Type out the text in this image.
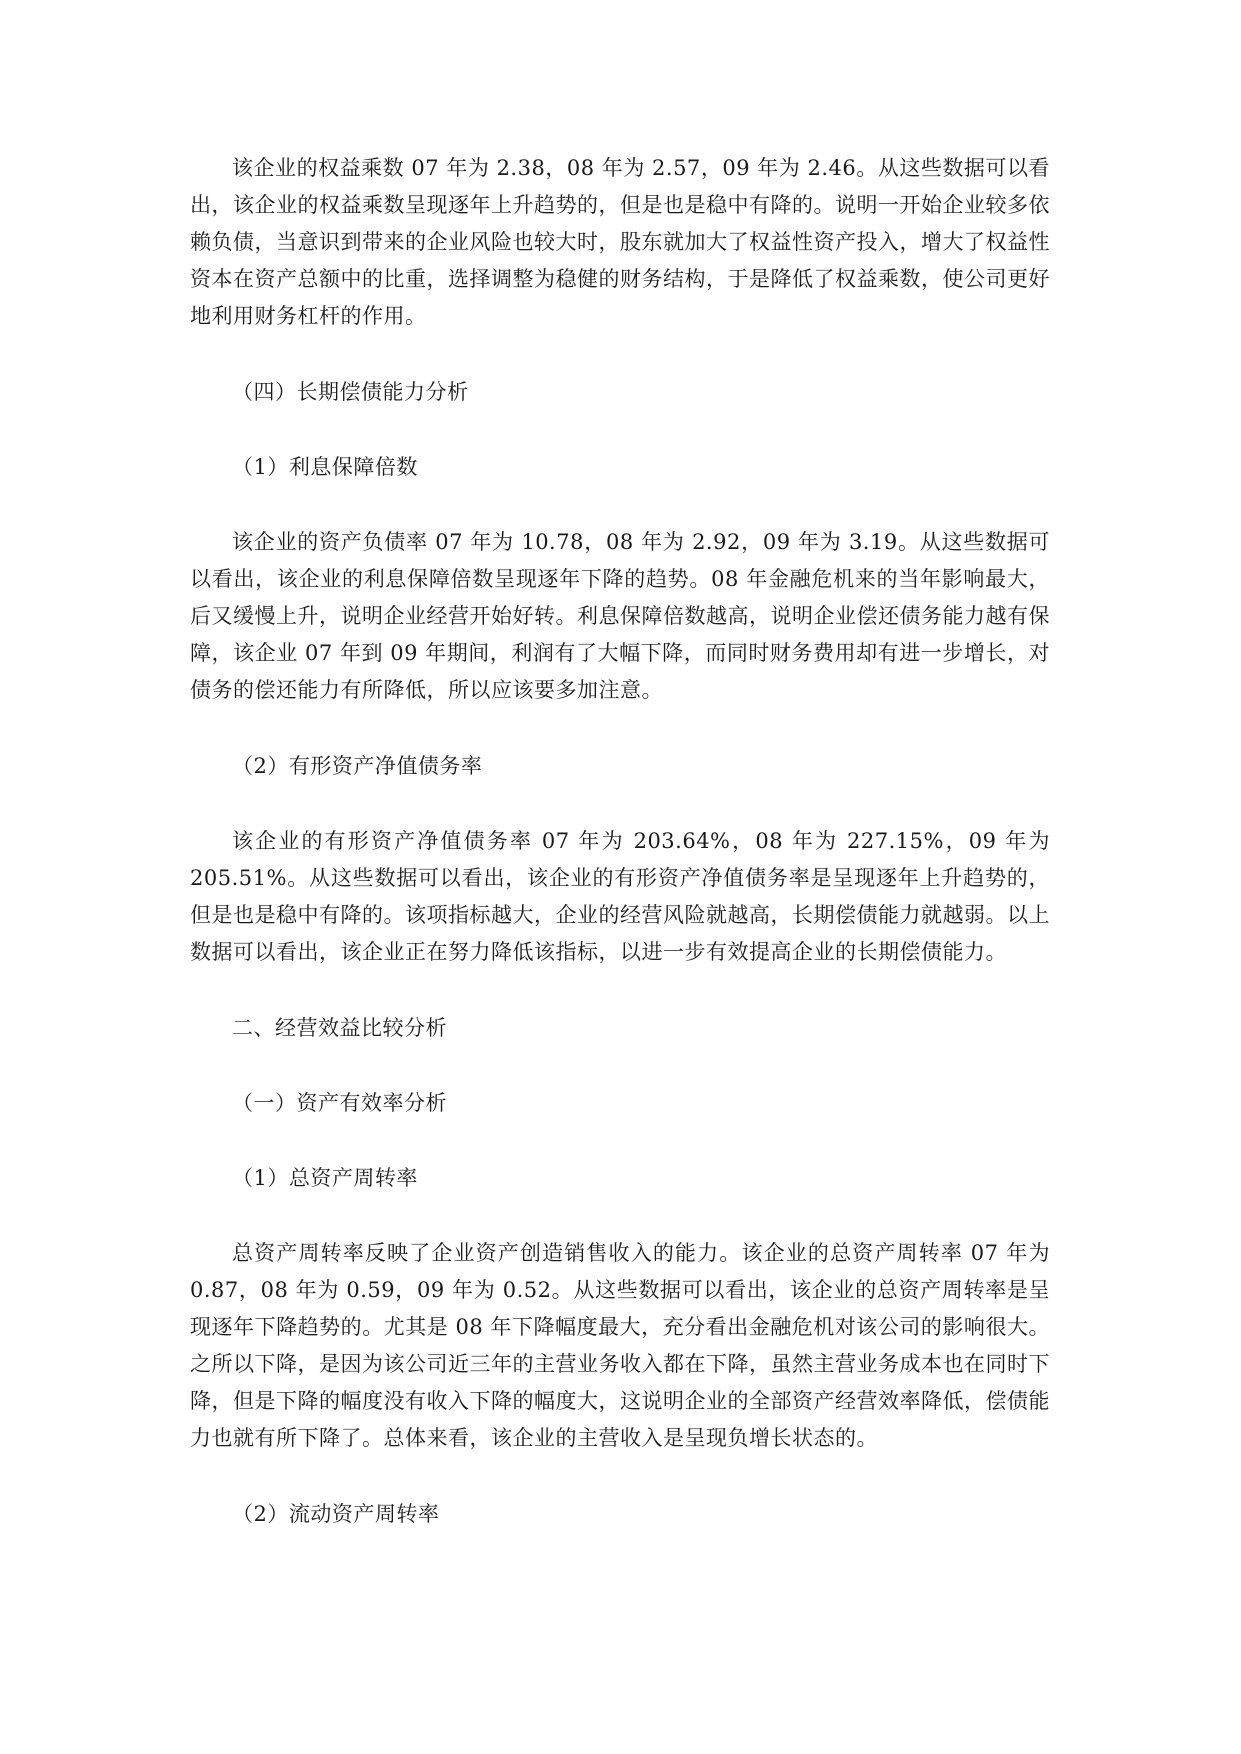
该企业的权益乘数 07 年为 2.38，08 年为 2.57，09 年为 2.46。从这些数据可以看出，该企业的权益乘数呈现逐年上升趋势的，但是也是稳中有降的。说明一开始企业较多依赖负债，当意识到带来的企业风险也较大时，股东就加大了权益性资产投入，增大了权益性资本在资产总额中的比重，选择调整为稳健的财务结构，于是降低了权益乘数，使公司更好地利用财务杠杆的作用。

（四）长期偿债能力分析

（1）利息保障倍数

该企业的资产负债率 07 年为 10.78，08 年为 2.92，09 年为 3.19。从这些数据可以看出，该企业的利息保障倍数呈现逐年下降的趋势。08 年金融危机来的当年影响最大，后又缓慢上升，说明企业经营开始好转。利息保障倍数越高，说明企业偿还债务能力越有保障，该企业 07 年到 09 年期间，利润有了大幅下降，而同时财务费用却有进一步增长，对债务的偿还能力有所降低，所以应该要多加注意。

（2）有形资产净值债务率

该企业的有形资产净值债务率 07 年为 203.64%，08 年为 227.15%，09 年为 205.51%。从这些数据可以看出，该企业的有形资产净值债务率是呈现逐年上升趋势的，但是也是稳中有降的。该项指标越大，企业的经营风险就越高，长期偿债能力就越弱。以上数据可以看出，该企业正在努力降低该指标，以进一步有效提高企业的长期偿债能力。

二、经营效益比较分析

（一）资产有效率分析

（1）总资产周转率

总资产周转率反映了企业资产创造销售收入的能力。该企业的总资产周转率 07 年为 0.87，08 年为 0.59，09 年为 0.52。从这些数据可以看出，该企业的总资产周转率是呈现逐年下降趋势的。尤其是 08 年下降幅度最大，充分看出金融危机对该公司的影响很大。之所以下降，是因为该公司近三年的主营业务收入都在下降，虽然主营业务成本也在同时下降，但是下降的幅度没有收入下降的幅度大，这说明企业的全部资产经营效率降低，偿债能力也就有所下降了。总体来看，该企业的主营收入是呈现负增长状态的。

（2）流动资产周转率
